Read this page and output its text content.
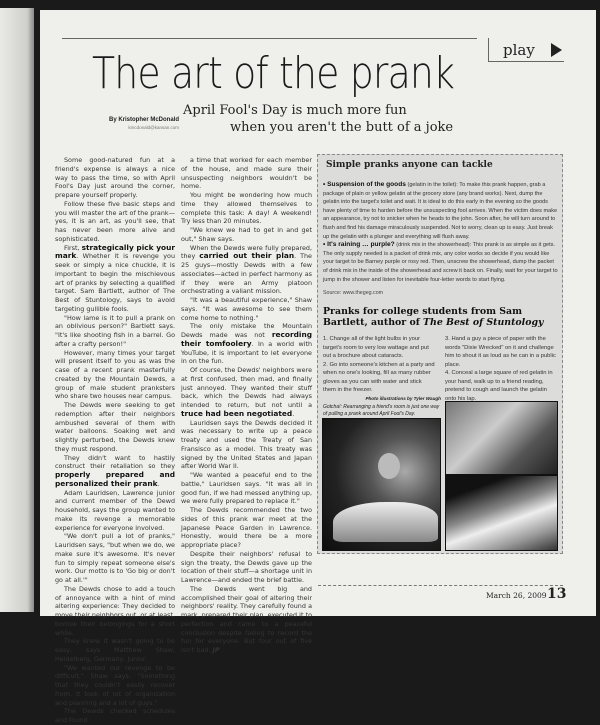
play
The art of the prank
April Fool's Day is much more fun
when you aren't the butt of a joke
By Kristopher McDonald
kmcdonald@kansan.com

Some good-natured fun at a friend's expense is always a nice way to pass the time, so with April Fool's Day just around the corner, prepare yourself properly.

Follow these five basic steps and you will master the art of the prank—yes, it is an art, as you'll see, that has never been more alive and sophisticated.

First, strategically pick your mark. Whether it is revenge you seek or simply a nice chuckle, it is important to begin the mischievous art of pranks by selecting a qualified target. Sam Bartlett, author of The Best of Stuntology, says to avoid targeting gullible fools.

"How lame is it to pull a prank on an oblivious person?" Bartlett says. "It's like shooting fish in a barrel. Go after a crafty person!"

However, many times your target will present itself to you as was the case of a recent prank masterfully created by the Mountain Dewds, a group of male student pranksters who share two houses near campus.

The Dewds were seeking to get redemption after their neighbors ambushed several of them with water balloons. Soaking wet and slightly perturbed, the Dewds knew they must respond.

They didn't want to hastily construct their retaliation so they properly prepared and personalized their prank.

Adam Lauridsen, Lawrence junior and current member of the Dewd household, says the group wanted to make its revenge a memorable experience for everyone involved.

"We don't pull a lot of pranks," Lauridsen says, "but when we do, we make sure it's awesome. It's never fun to simply repeat someone else's work. Our motto is to 'Go big or don't go at all.'"

The Dewds chose to add a touch of annoyance with a hint of mind altering experience: They decided to move their neighbors out, or at least, borrow their belongings for a short while.

They knew it wasn't going to be easy, says Matthew Shaw, Heidelberg, Germany, junior.

"We wanted our revenge to be difficult," Shaw says. "Something that they couldn't easily recover from. It took of lot of organization and planning and a lot of guys."

The Dewds checked schedules and found

a time that worked for each member of the house, and made sure their unsuspecting neighbors wouldn't be home.

You might be wondering how much time they allowed themselves to complete this task: A day! A weekend! Try less than 20 minutes.

"We knew we had to get in and get out," Shaw says.

When the Dewds were fully prepared, they carried out their plan. The 25 guys—mostly Dewds with a few associates—acted in perfect harmony as if they were an Army platoon orchestrating a valiant mission.

"It was a beautiful experience," Shaw says. "It was awesome to see them come home to nothing."

The only mistake the Mountain Dewds made was not recording their tomfoolery. In a world with YouTube, it is important to let everyone in on the fun.

Of course, the Dewds' neighbors were at first confused, then mad, and finally just annoyed. They wanted their stuff back, which the Dewds had always intended to return, but not until a truce had been negotiated.

Lauridsen says the Dewds decided it was necessary to write up a peace treaty and used the Treaty of San Fransisco as a model. This treaty was signed by the United States and Japan after World War II.

"We wanted a peaceful end to the battle," Lauridsen says. "It was all in good fun, if we had messed anything up, we were fully prepared to replace it."

The Dewds recommended the two sides of this prank war meet at the Japanese Peace Garden in Lawrence. Honestly, would there be a more appropriate place?

Despite their neighbors' refusal to sign the treaty, the Dewds gave up the location of their stuff—a shortage unit in Lawrence—and ended the brief battle.

The Dewds went big and accomplished their goal of altering their neighbors' reality. They carefully found a mark, prepared their plan, executed it to perfection and came to a peaceful conclusion despite failing to record the fun for everyone. But four out of five isn't bad. JP

Simple pranks anyone can tackle

• Suspension of the goods (gelatin in the toilet): To make this prank happen, grab a package of plain or yellow gelatin at the grocery store (any brand works). Next, dump the gelatin into the target's toilet and wait. It is ideal to do this early in the evening so the goods have plenty of time to harden before the unsuspecting fool arrives. When the victim does make an appearance, try not to snicker when he heads to the john. Soon after, he will turn around to flush and find his damage miraculously suspended. Not to worry, clean up is easy. Just break up the gelatin with a plunger and everything will flush away.

• It's raining … purple? (drink mix in the showerhead): This prank is as simple as it gets. The only supply needed is a packet of drink mix, any color works so decide if you would like your target to be Barney purple or rosy red. Then, unscrew the showerhead, dump the packet of drink mix in the inside of the showerhead and screw it back on. Finally, wait for your target to jump in the shower and listen for inevitable four-letter words to start flying.

Source: www.thegeg.com
Pranks for college students from Sam Bartlett, author of The Best of Stuntology
1. Change all of the light bulbs in your target's room to very low wattage and put out a brochure about cataracts.
2. Go into someone's kitchen at a party and when no one's looking, fill as many rubber gloves as you can with water and stick them in the freezer.
3. Hand a guy a piece of paper with the words "Dixie Wrecked" on it and challenge him to shout it as loud as he can in a public place.
4. Conceal a large square of red gelatin in your hand, walk up to a friend reading, pretend to cough and launch the gelatin onto his lap.
Photo illustrations by Tyler Waugh
Gotcha!: Rearranging a friend's room is just one way of pulling a prank around April Fool's Day.
March 26, 2009 13
